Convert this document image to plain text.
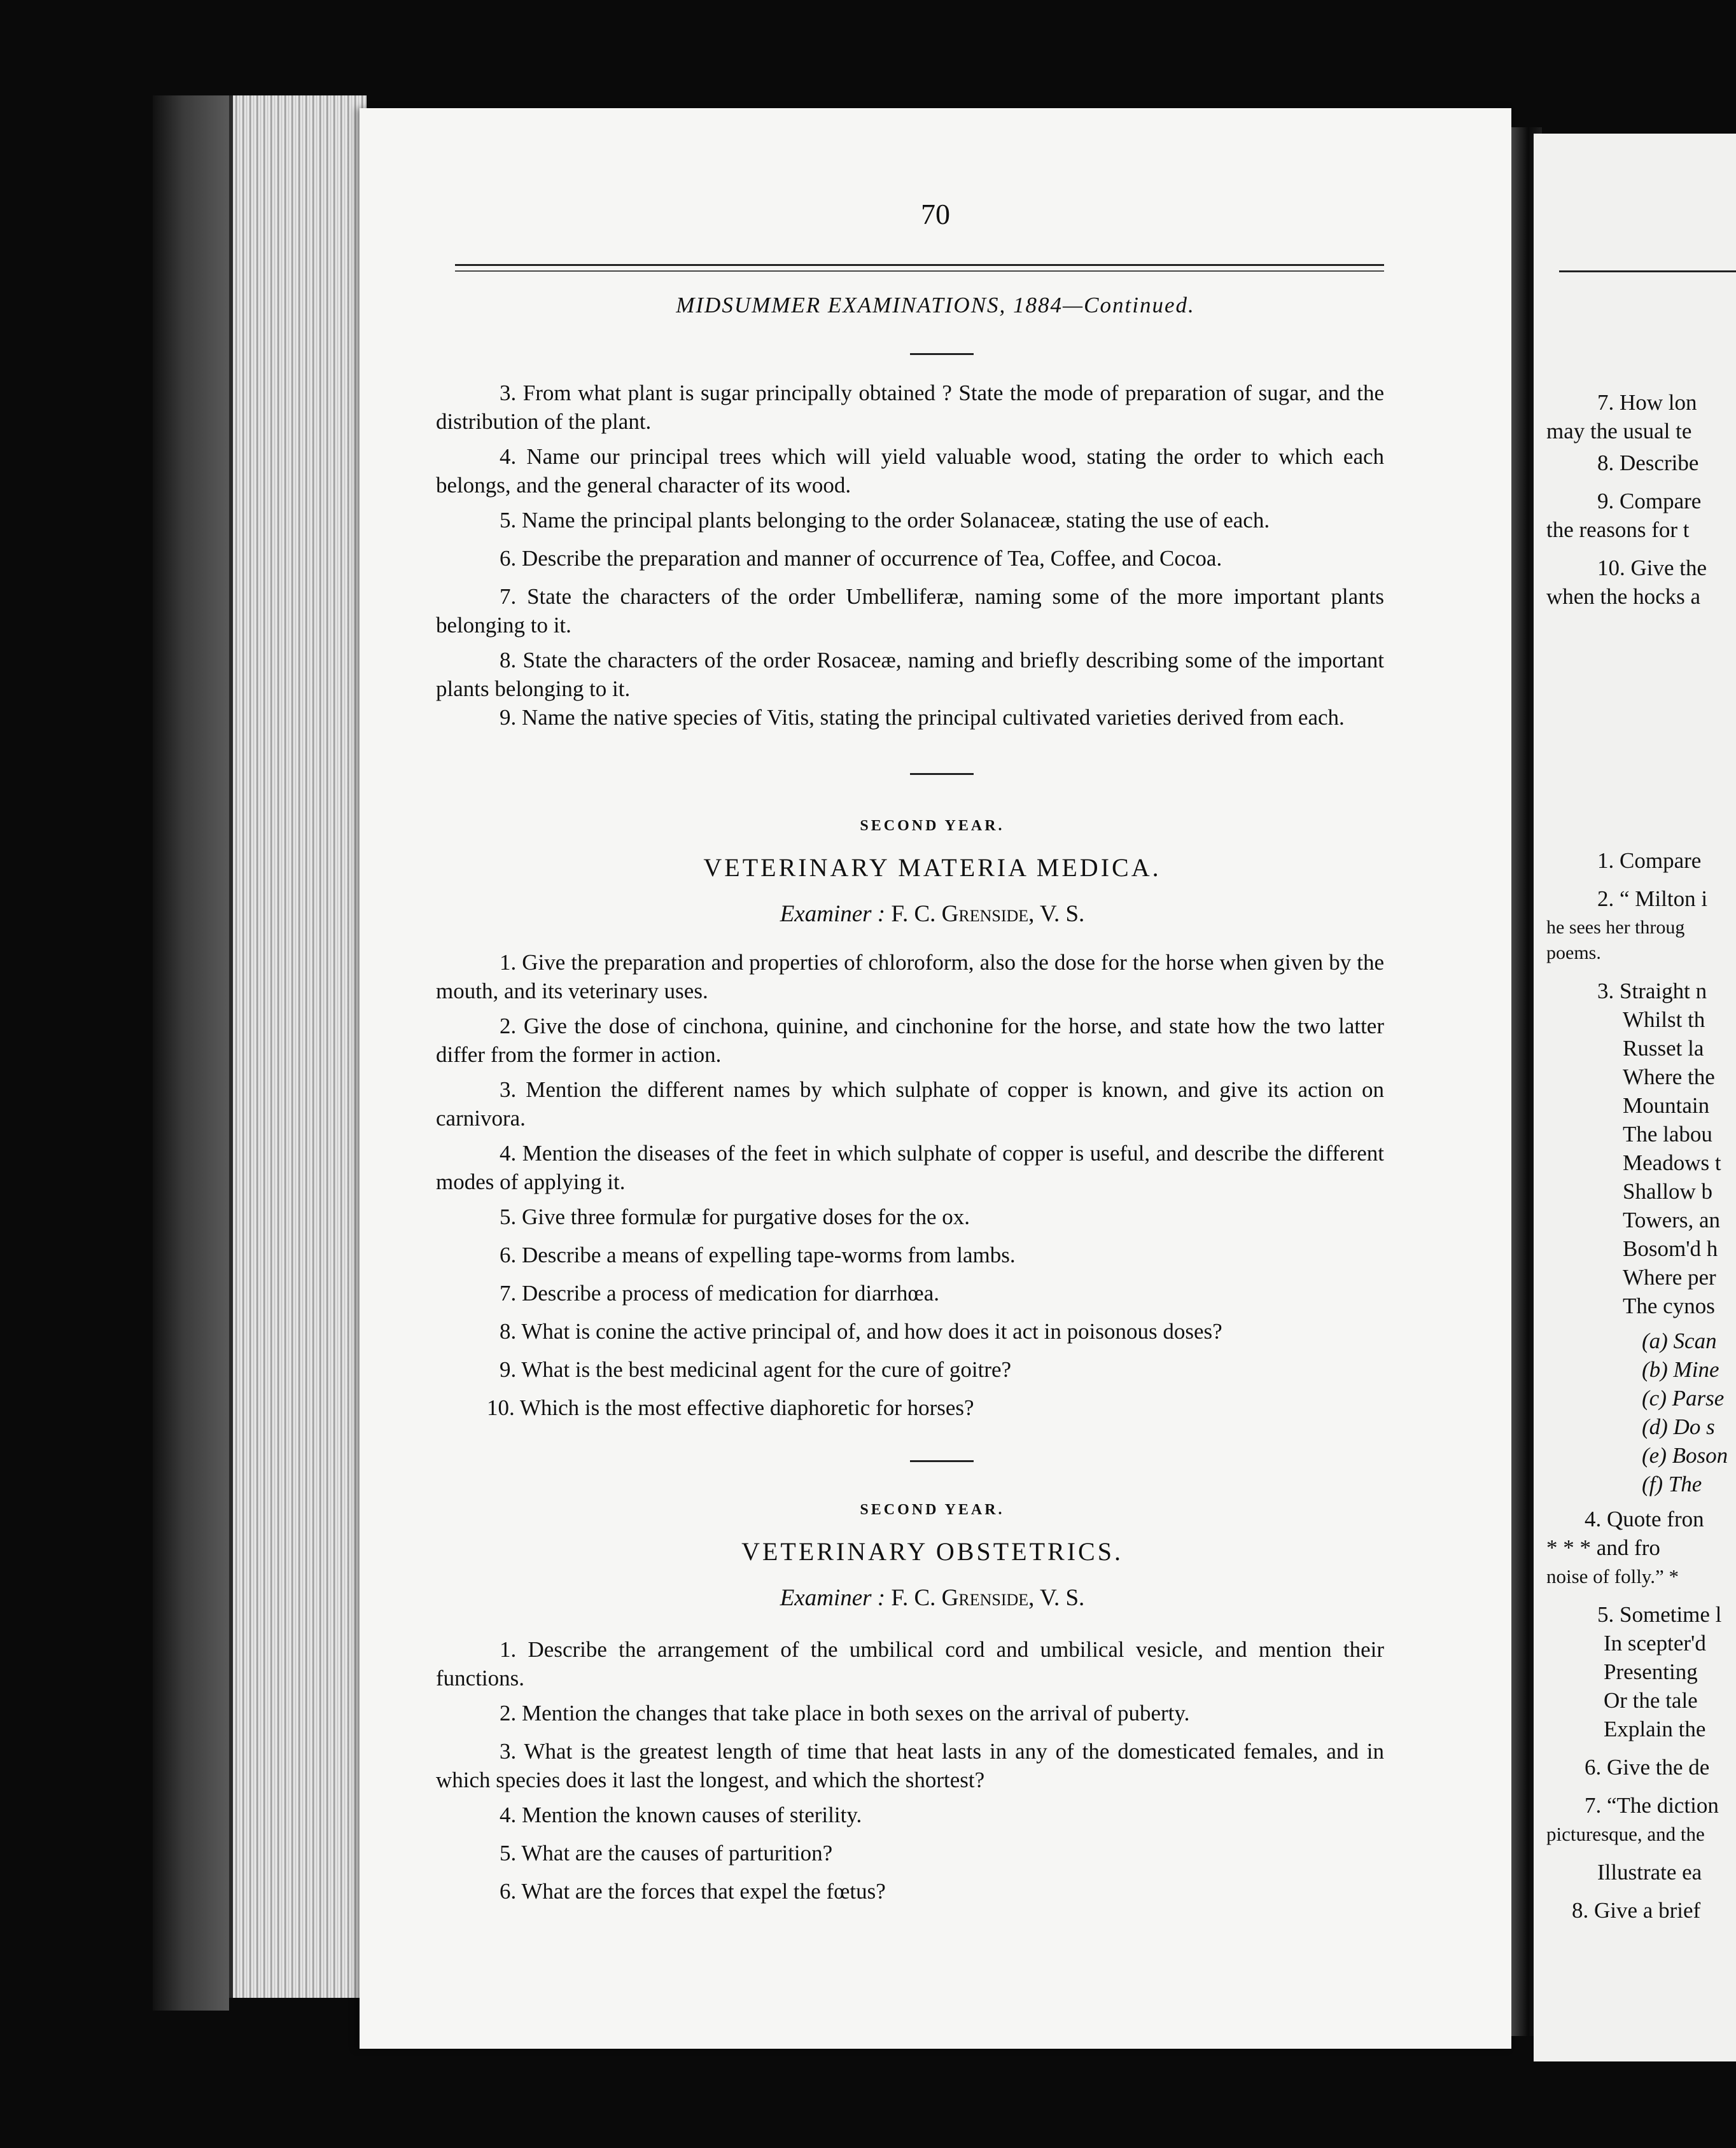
70
MIDSUMMER EXAMINATIONS, 1884—Continued.
3. From what plant is sugar principally obtained ? State the mode of preparation of sugar, and the distribution of the plant.
4. Name our principal trees which will yield valuable wood, stating the order to which each belongs, and the general character of its wood.
5. Name the principal plants belonging to the order Solanaceæ, stating the use of each.
6. Describe the preparation and manner of occurrence of Tea, Coffee, and Cocoa.
7. State the characters of the order Umbelliferæ, naming some of the more important plants belonging to it.
8. State the characters of the order Rosaceæ, naming and briefly describing some of the important plants belonging to it.
9. Name the native species of Vitis, stating the principal cultivated varieties derived from each.
SECOND YEAR.
VETERINARY MATERIA MEDICA.
Examiner : F. C. Grenside, V. S.
1. Give the preparation and properties of chloroform, also the dose for the horse when given by the mouth, and its veterinary uses.
2. Give the dose of cinchona, quinine, and cinchonine for the horse, and state how the two latter differ from the former in action.
3. Mention the different names by which sulphate of copper is known, and give its action on carnivora.
4. Mention the diseases of the feet in which sulphate of copper is useful, and describe the different modes of applying it.
5. Give three formulæ for purgative doses for the ox.
6. Describe a means of expelling tape-worms from lambs.
7. Describe a process of medication for diarrhœa.
8. What is conine the active principal of, and how does it act in poisonous doses?
9. What is the best medicinal agent for the cure of goitre?
10. Which is the most effective diaphoretic for horses?
SECOND YEAR.
VETERINARY OBSTETRICS.
Examiner : F. C. Grenside, V. S.
1. Describe the arrangement of the umbilical cord and umbilical vesicle, and mention their functions.
2. Mention the changes that take place in both sexes on the arrival of puberty.
3. What is the greatest length of time that heat lasts in any of the domesticated females, and in which species does it last the longest, and which the shortest?
4. Mention the known causes of sterility.
5. What are the causes of parturition?
6. What are the forces that expel the fœtus?
7. How lon
may the usual te
8. Describe
9. Compare
the reasons for t
10. Give the
when the hocks a
1. Compare
2. “ Milton i
he sees her throug
poems.
3. Straight n
Whilst th
Russet la
Where the
Mountain
The labou
Meadows t
Shallow b
Towers, an
Bosom'd h
Where per
The cynos
(a) Scan
(b) Mine
(c) Parse
(d) Do s
(e) Boson
(f) The
4. Quote fron
* * * and fro
noise of folly.” *
5. Sometime l
In scepter'd
Presenting
Or the tale
Explain the
6. Give the de
7. “The diction
picturesque, and the
Illustrate ea
8. Give a brief
